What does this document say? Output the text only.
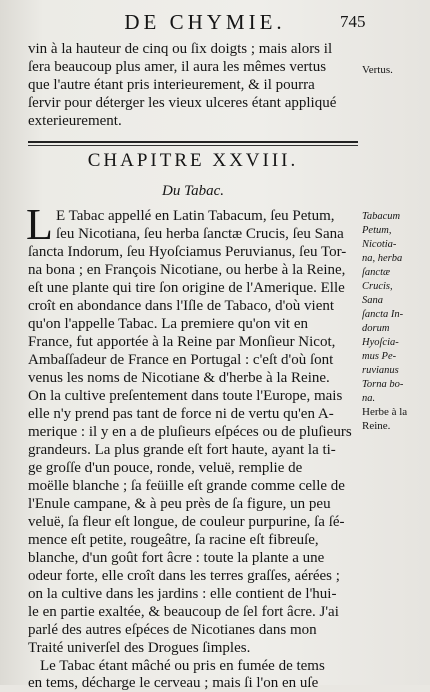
DE CHYMIE.	745
vin à la hauteur de cinq ou ſix doigts ; mais alors il
ſera beaucoup plus amer, il aura les mêmes vertus
que l'autre étant pris interieurement, & il pourra
ſervir pour déterger les vieux ulceres étant appliqué
exterieurement.
Vertus.
CHAPITRE XXVIII.
Du Tabac.
L E Tabac appellé en Latin Tabacum, ſeu Petum,
ſeu Nicotiana, ſeu herba ſanctæ Crucis, ſeu Sana
ſancta Indorum, ſeu Hyoſciamus Peruvianus, ſeu Tor-
na bona ; en François Nicotiane, ou herbe à la Reine,
eſt une plante qui tire ſon origine de l'Amerique. Elle
croît en abondance dans l'Iſle de Tabaco, d'où vient
qu'on l'appelle Tabac. La premiere qu'on vit en
France, fut apportée à la Reine par Monſieur Nicot,
Ambaſſadeur de France en Portugal : c'eſt d'où ſont
venus les noms de Nicotiane & d'herbe à la Reine.
On la cultive preſentement dans toute l'Europe, mais
elle n'y prend pas tant de force ni de vertu qu'en A-
merique : il y en a de pluſieurs eſpéces ou de pluſieurs
grandeurs. La plus grande eſt fort haute, ayant la ti-
ge groſſe d'un pouce, ronde, veluë, remplie de
moëlle blanche ; ſa feüille eſt grande comme celle de
l'Enule campane, & à peu près de ſa figure, un peu
veluë, ſa fleur eſt longue, de couleur purpurine, ſa ſé-
mence eſt petite, rougeâtre, ſa racine eſt fibreuſe,
blanche, d'un goût fort âcre : toute la plante a une
odeur forte, elle croît dans les terres graſſes, aérées ;
on la cultive dans les jardins : elle contient de l'hui-
le en partie exaltée, & beaucoup de ſel fort âcre. J'ai
parlé des autres eſpéces de Nicotianes dans mon
Traité univerſel des Drogues ſimples.
Le Tabac étant mâché ou pris en fumée de tems
en tems, décharge le cerveau ; mais ſi l'on en uſe
Tabacum
Petum,
Nicotia-
na, herba
ſanctæ
Crucis,
Sana
ſancta In-
dorum
Hyoſcia-
mus Pe-
ruvianus
Torna bo-
na.
Herbe à la
Reine.
